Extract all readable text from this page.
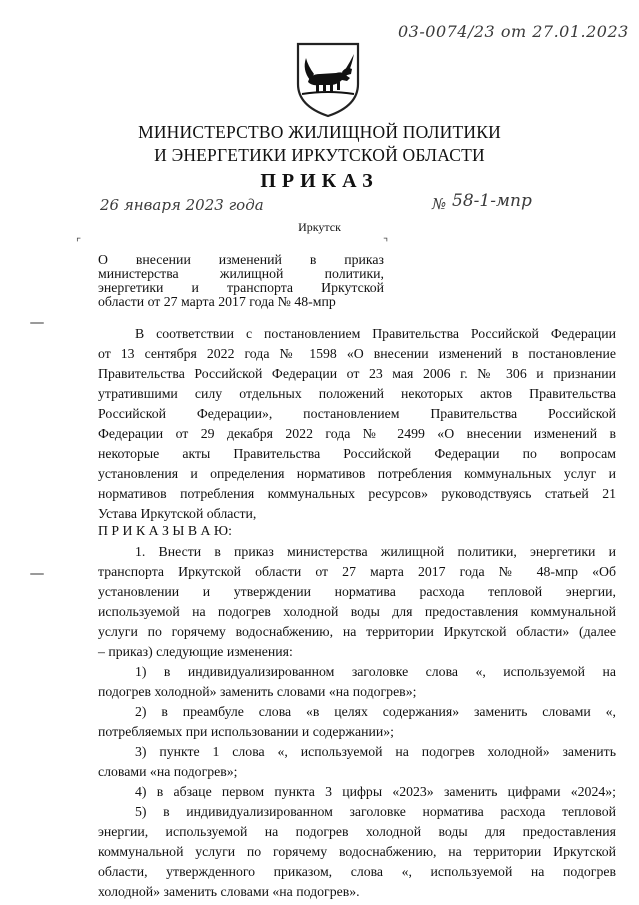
03-0074/23 от 27.01.2023
МИНИСТЕРСТВО ЖИЛИЩНОЙ ПОЛИТИКИ
И ЭНЕРГЕТИКИ ИРКУТСКОЙ ОБЛАСТИ
ПРИКАЗ
26 января 2023 года	№ 58-1-мпр
Иркутск
⌜	⌝
О внесении изменений в приказ
министерства жилищной политики,
энергетики и транспорта Иркутской
области от 27 марта 2017 года № 48-мпр
В соответствии с постановлением Правительства Российской Федерации
от 13 сентября 2022 года № 1598 «О внесении изменений в постановление
Правительства Российской Федерации от 23 мая 2006 г. № 306 и признании
утратившими силу отдельных положений некоторых актов Правительства
Российской Федерации», постановлением Правительства Российской
Федерации от 29 декабря 2022 года № 2499 «О внесении изменений в
некоторые акты Правительства Российской Федерации по вопросам
установления и определения нормативов потребления коммунальных услуг и
нормативов потребления коммунальных ресурсов» руководствуясь статьей 21
Устава Иркутской области,
П Р И К А З Ы В А Ю:
1. Внести в приказ министерства жилищной политики, энергетики и
транспорта Иркутской области от 27 марта 2017 года № 48-мпр «Об
установлении и утверждении норматива расхода тепловой энергии,
используемой на подогрев холодной воды для предоставления коммунальной
услуги по горячему водоснабжению, на территории Иркутской области» (далее
– приказ) следующие изменения:
1) в индивидуализированном заголовке слова «, используемой на
подогрев холодной» заменить словами «на подогрев»;
2) в преамбуле слова «в целях содержания» заменить словами «,
потребляемых при использовании и содержании»;
3) пункте 1 слова «, используемой на подогрев холодной» заменить
словами «на подогрев»;
4) в абзаце первом пункта 3 цифры «2023» заменить цифрами «2024»;
5) в индивидуализированном заголовке норматива расхода тепловой
энергии, используемой на подогрев холодной воды для предоставления
коммунальной услуги по горячему водоснабжению, на территории Иркутской
области, утвержденного приказом, слова «, используемой на подогрев
холодной» заменить словами «на подогрев».
